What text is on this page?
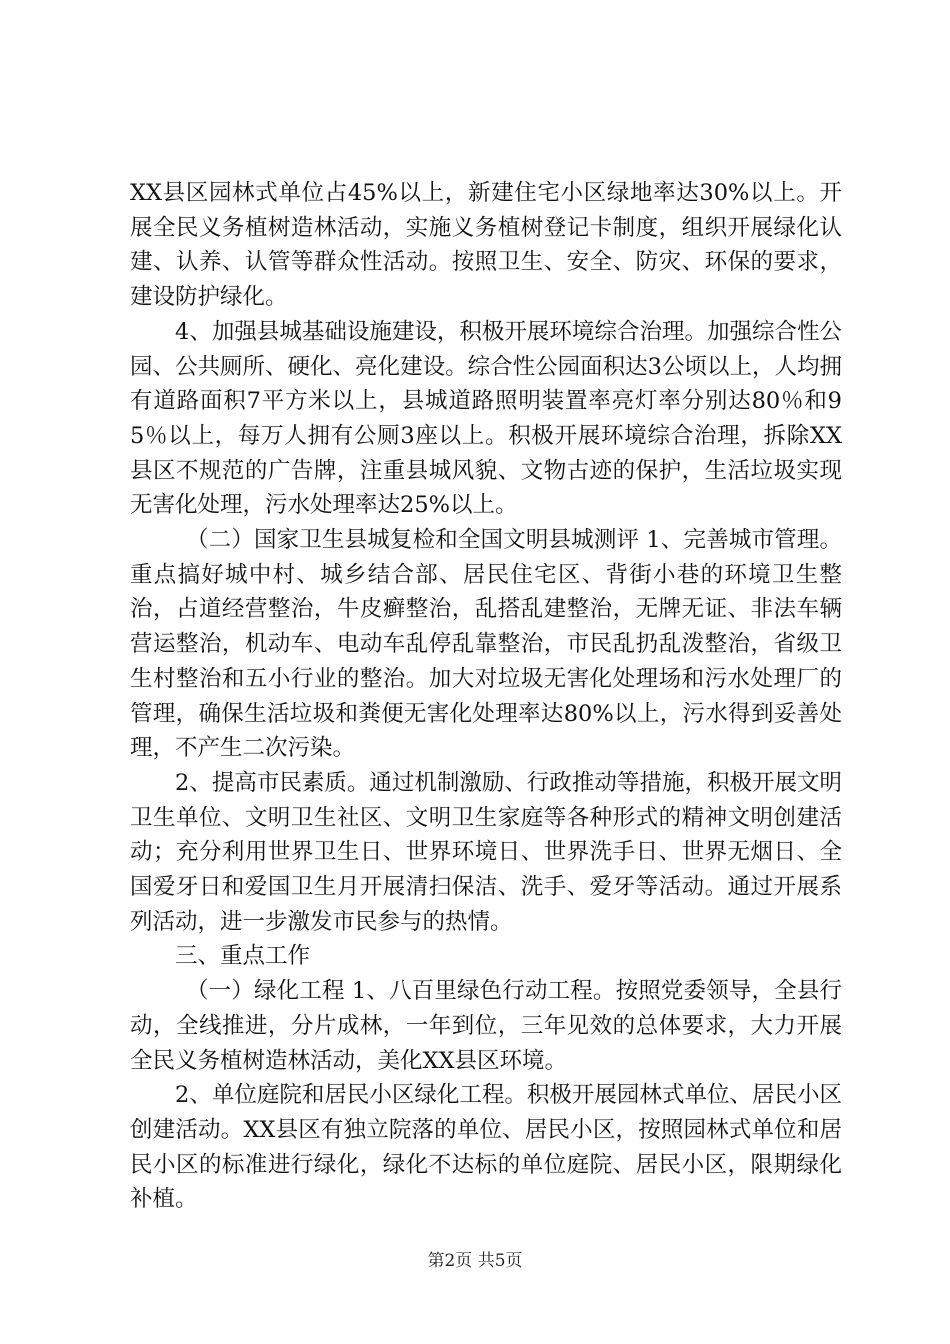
XX县区园林式单位占45%以上，新建住宅小区绿地率达30%以上。开展全民义务植树造林活动，实施义务植树登记卡制度，组织开展绿化认建、认养、认管等群众性活动。按照卫生、安全、防灾、环保的要求，建设防护绿化。

4、加强县城基础设施建设，积极开展环境综合治理。加强综合性公园、公共厕所、硬化、亮化建设。综合性公园面积达3公顷以上，人均拥有道路面积7平方米以上，县城道路照明装置率亮灯率分别达80％和95％以上，每万人拥有公厕3座以上。积极开展环境综合治理，拆除XX县区不规范的广告牌，注重县城风貌、文物古迹的保护，生活垃圾实现无害化处理，污水处理率达25%以上。

（二）国家卫生县城复检和全国文明县城测评 1、完善城市管理。重点搞好城中村、城乡结合部、居民住宅区、背街小巷的环境卫生整治，占道经营整治，牛皮癣整治，乱搭乱建整治，无牌无证、非法车辆营运整治，机动车、电动车乱停乱靠整治，市民乱扔乱泼整治，省级卫生村整治和五小行业的整治。加大对垃圾无害化处理场和污水处理厂的管理，确保生活垃圾和粪便无害化处理率达80%以上，污水得到妥善处理，不产生二次污染。

2、提高市民素质。通过机制激励、行政推动等措施，积极开展文明卫生单位、文明卫生社区、文明卫生家庭等各种形式的精神文明创建活动；充分利用世界卫生日、世界环境日、世界洗手日、世界无烟日、全国爱牙日和爱国卫生月开展清扫保洁、洗手、爱牙等活动。通过开展系列活动，进一步激发市民参与的热情。

三、重点工作

（一）绿化工程 1、八百里绿色行动工程。按照党委领导，全县行动，全线推进，分片成林，一年到位，三年见效的总体要求，大力开展全民义务植树造林活动，美化XX县区环境。

2、单位庭院和居民小区绿化工程。积极开展园林式单位、居民小区创建活动。XX县区有独立院落的单位、居民小区，按照园林式单位和居民小区的标准进行绿化，绿化不达标的单位庭院、居民小区，限期绿化补植。

第2页 共5页
